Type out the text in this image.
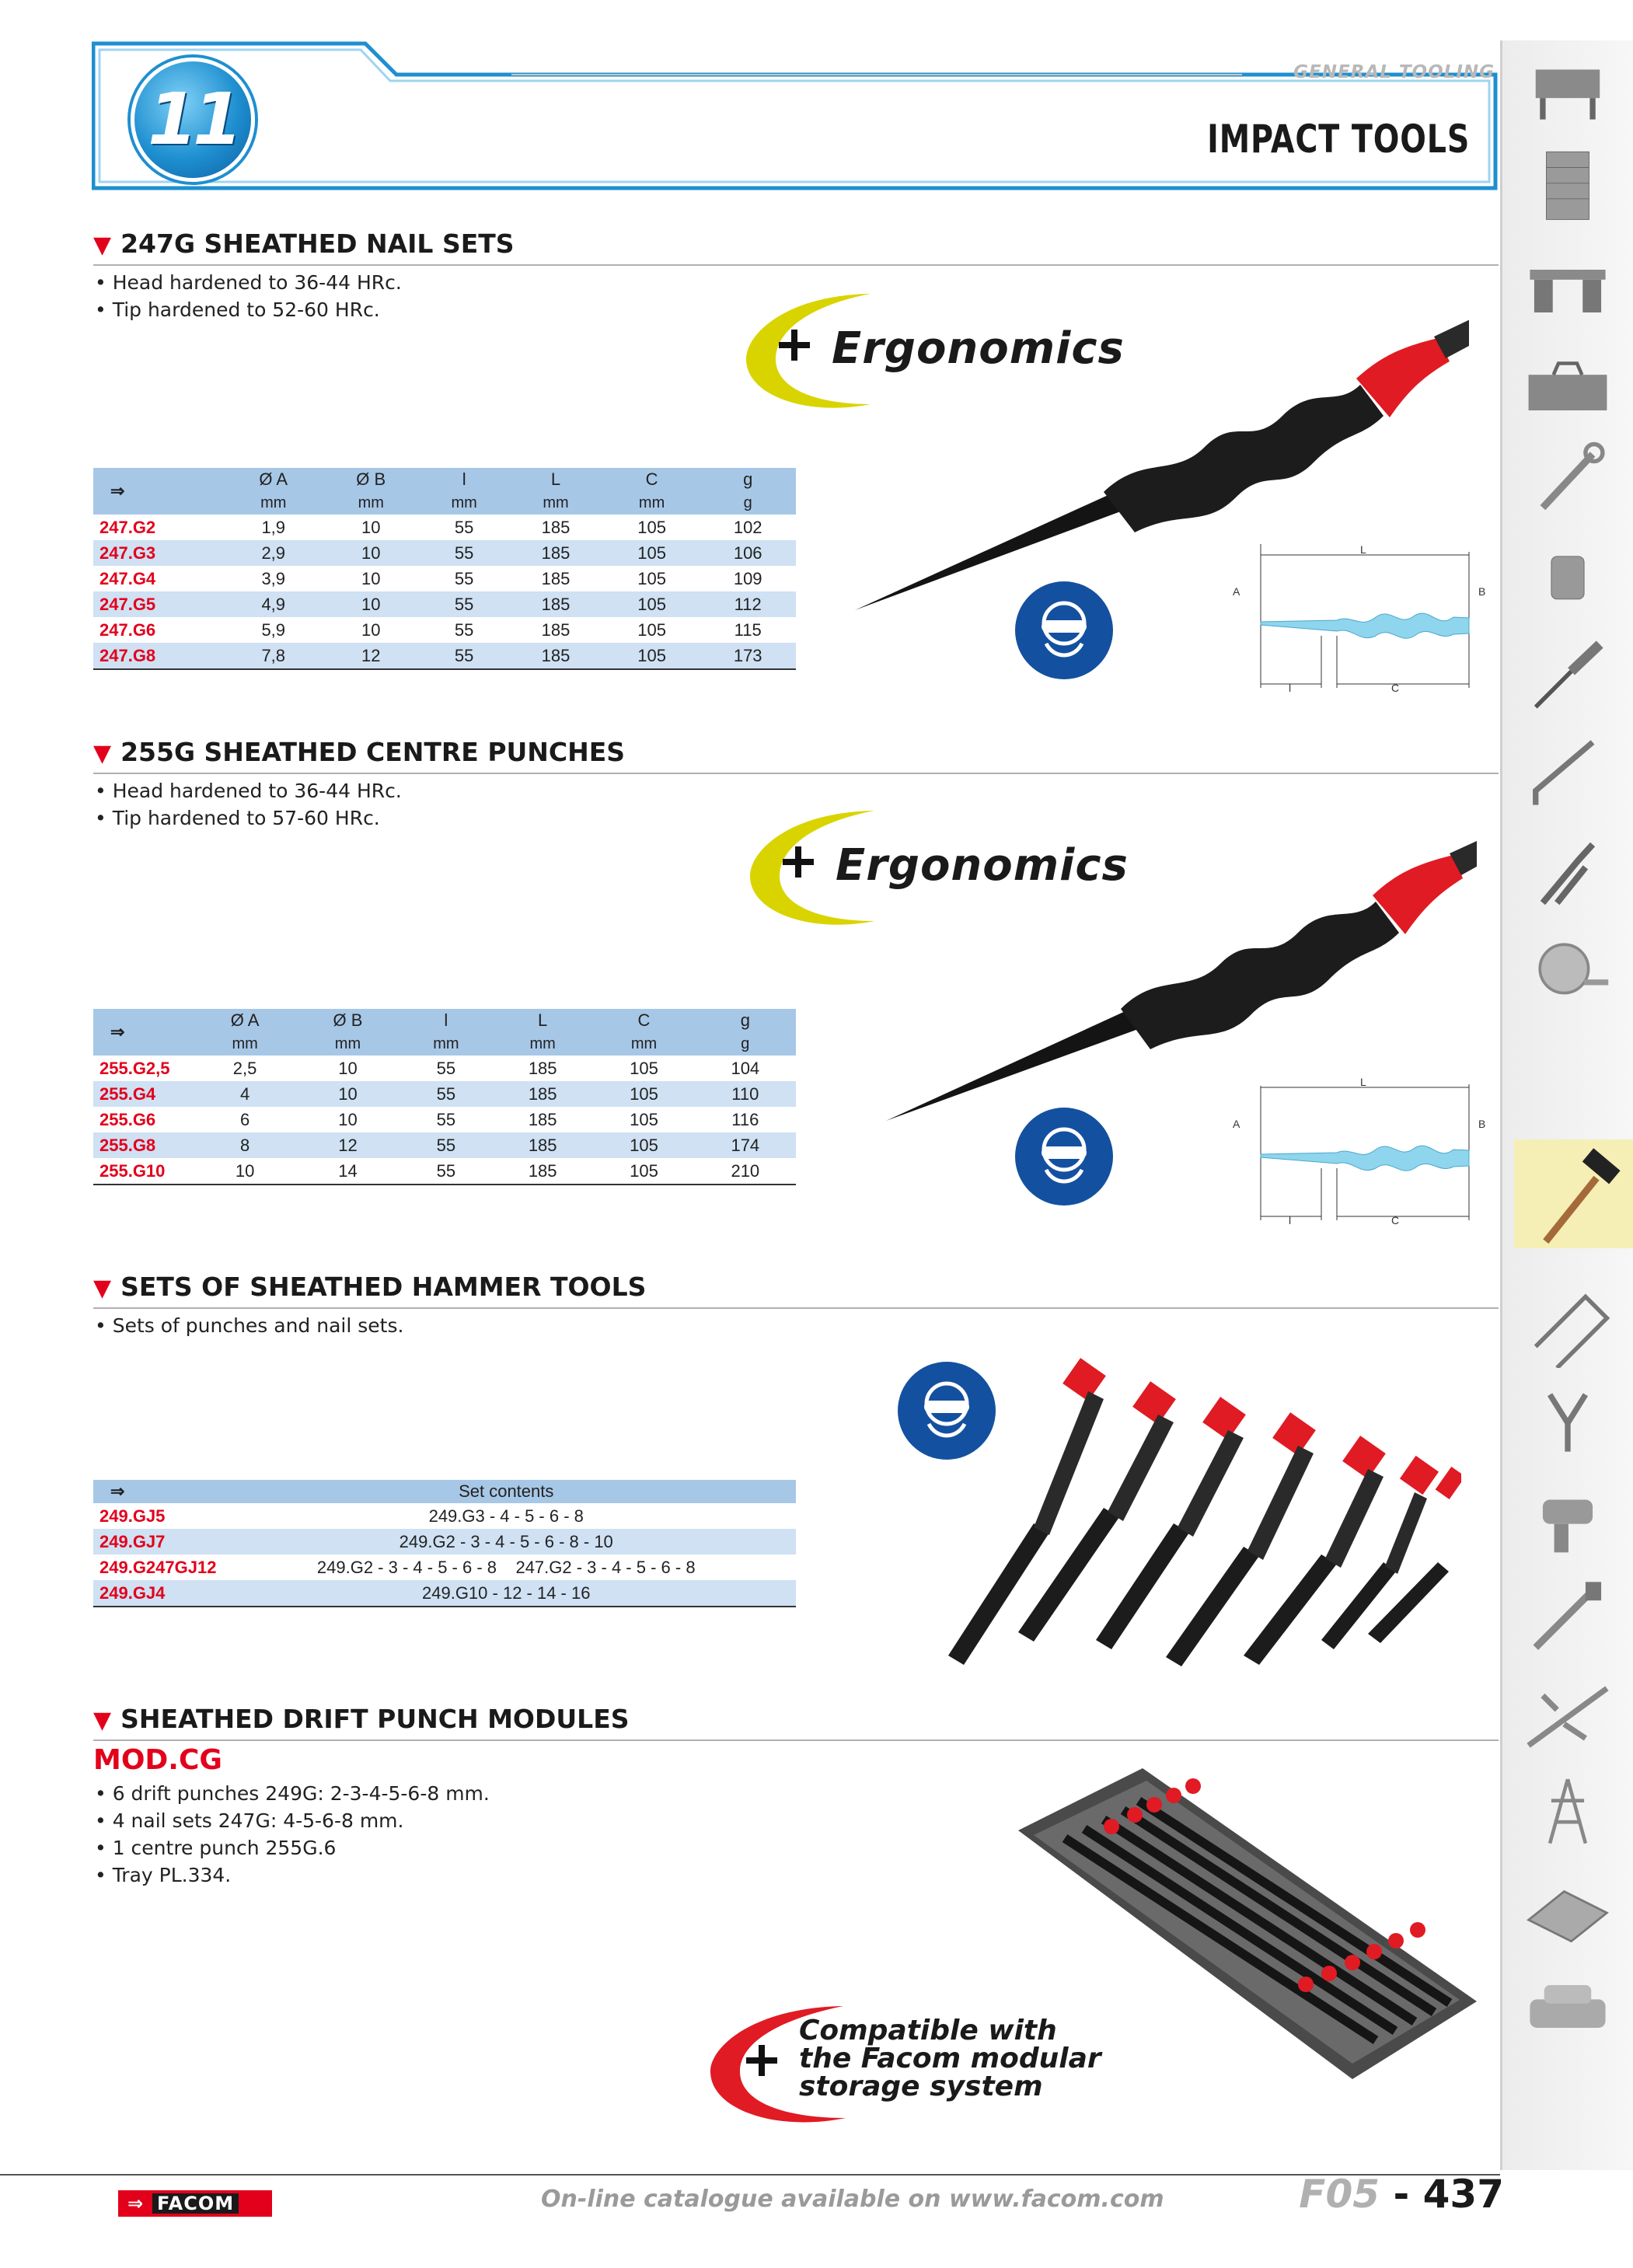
11
GENERAL TOOLING
IMPACT TOOLS
▼ 247G SHEATHED NAIL SETS
• Head hardened to 36-44 HRc.
• Tip hardened to 52-60 HRc.
Ergonomics
L
A	B
l	C
⇒	Ø A	Ø B	l	L	C	g
	mm	mm	mm	mm	mm	g
247.G2	1,9	10	55	185	105	102
247.G3	2,9	10	55	185	105	106
247.G4	3,9	10	55	185	105	109
247.G5	4,9	10	55	185	105	112
247.G6	5,9	10	55	185	105	115
247.G8	7,8	12	55	185	105	173
▼ 255G SHEATHED CENTRE PUNCHES
• Head hardened to 36-44 HRc.
• Tip hardened to 57-60 HRc.
Ergonomics
L
A	B
l	C
⇒	Ø A	Ø B	l	L	C	g
	mm	mm	mm	mm	mm	g
255.G2,5	2,5	10	55	185	105	104
255.G4	4	10	55	185	105	110
255.G6	6	10	55	185	105	116
255.G8	8	12	55	185	105	174
255.G10	10	14	55	185	105	210
▼ SETS OF SHEATHED HAMMER TOOLS
• Sets of punches and nail sets.
⇒	Set contents
249.GJ5	249.G3 - 4 - 5 - 6 - 8
249.GJ7	249.G2 - 3 - 4 - 5 - 6 - 8 - 10
249.G247GJ12	249.G2 - 3 - 4 - 5 - 6 - 8    247.G2 - 3 - 4 - 5 - 6 - 8
249.GJ4	249.G10 - 12 - 14 - 16
▼ SHEATHED DRIFT PUNCH MODULES
MOD.CG
• 6 drift punches 249G: 2-3-4-5-6-8 mm.
• 4 nail sets 247G: 4-5-6-8 mm.
• 1 centre punch 255G.6
• Tray PL.334.
Compatible with
the Facom modular
storage system
⇒ FACOM	On-line catalogue available on www.facom.com	F05 - 437
